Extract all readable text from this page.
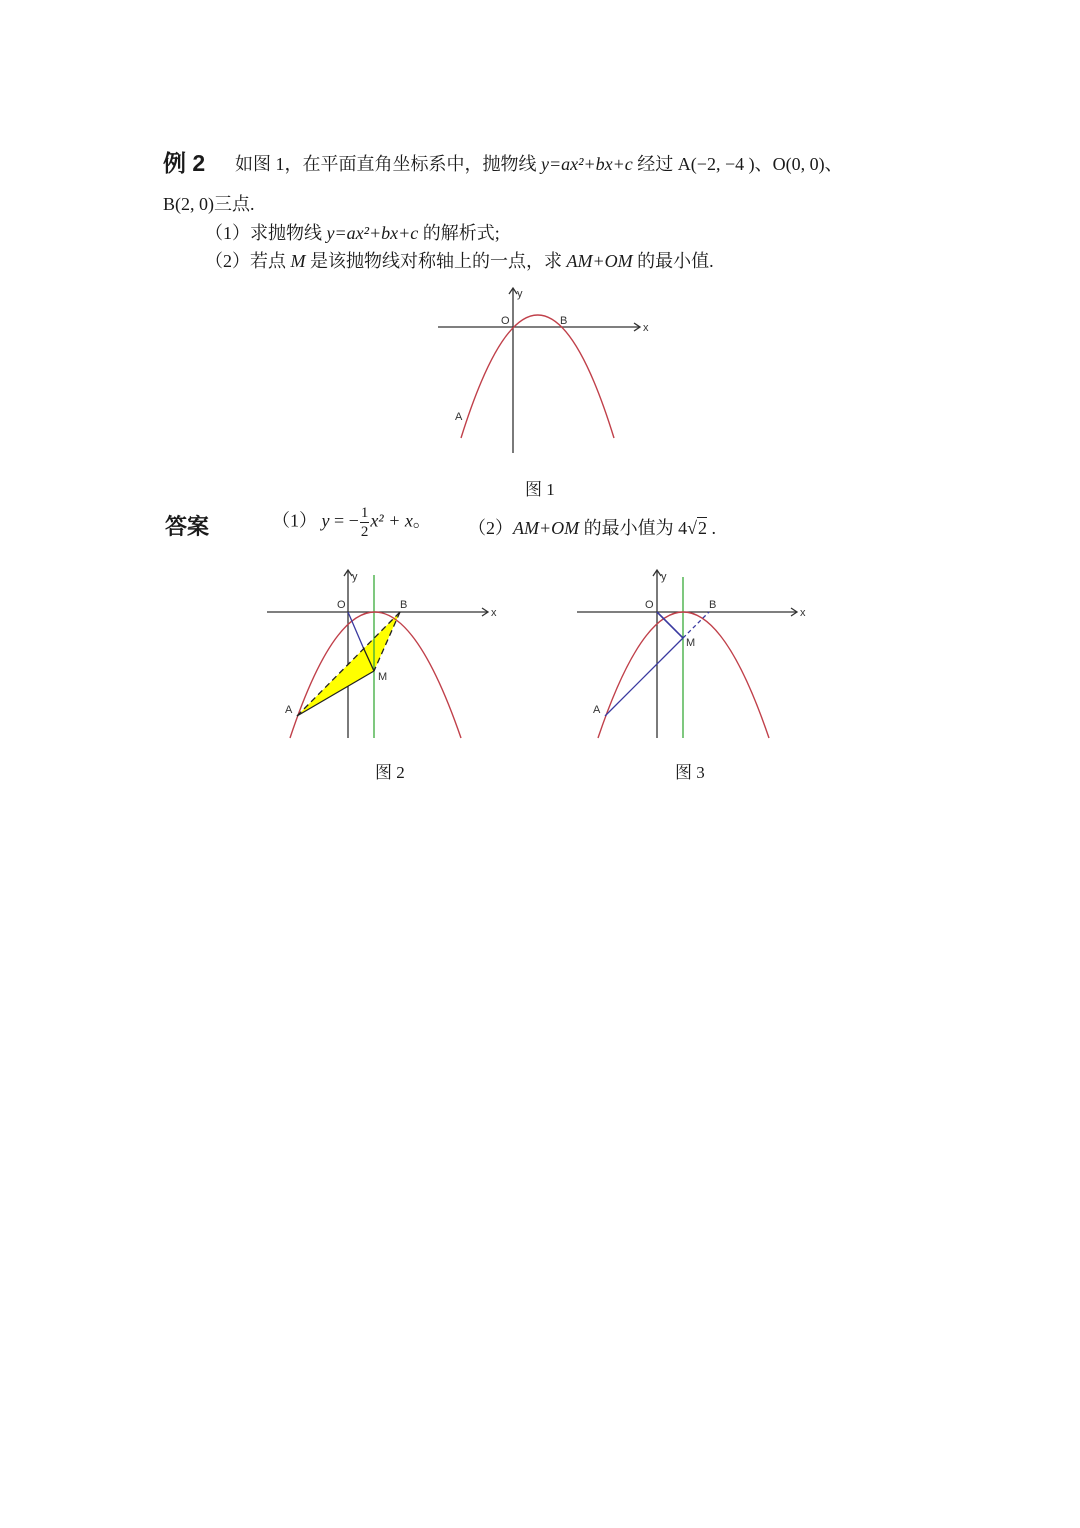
例 2 如图 1，在平面直角坐标系中，抛物线 y=ax²+bx+c 经过 A(−2, −4 )、O(0, 0)、
B(2, 0)三点.
（1）求抛物线 y=ax²+bx+c 的解析式;
（2）若点 M 是该抛物线对称轴上的一点，求 AM+OM 的最小值.
x
y
O	B
A
x
y
O	B
A
M
x
y
O	B
A
M
图 1
图 2	图 3
答案	（1） y = − $\frac{1}{2} x^2 + x$。 （2）AM+OM 的最小值为 4√2 .
